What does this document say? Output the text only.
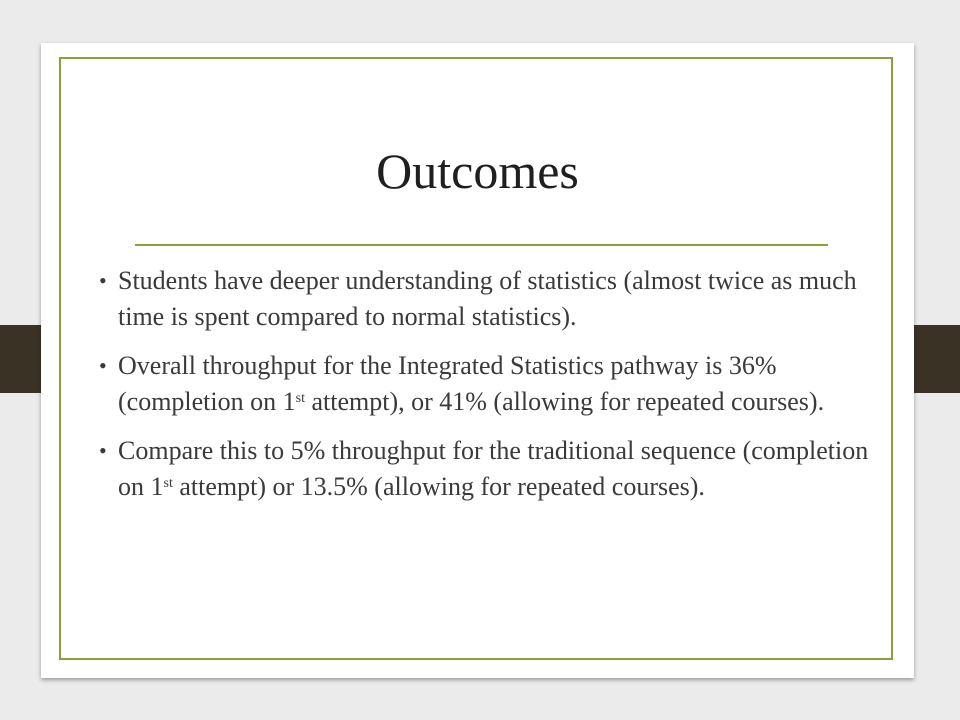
Outcomes
• Students have deeper understanding of statistics (almost twice as much time is spent compared to normal statistics).
• Overall throughput for the Integrated Statistics pathway is 36% (completion on 1st attempt), or 41% (allowing for repeated courses).
• Compare this to 5% throughput for the traditional sequence (completion on 1st attempt) or 13.5% (allowing for repeated courses).
